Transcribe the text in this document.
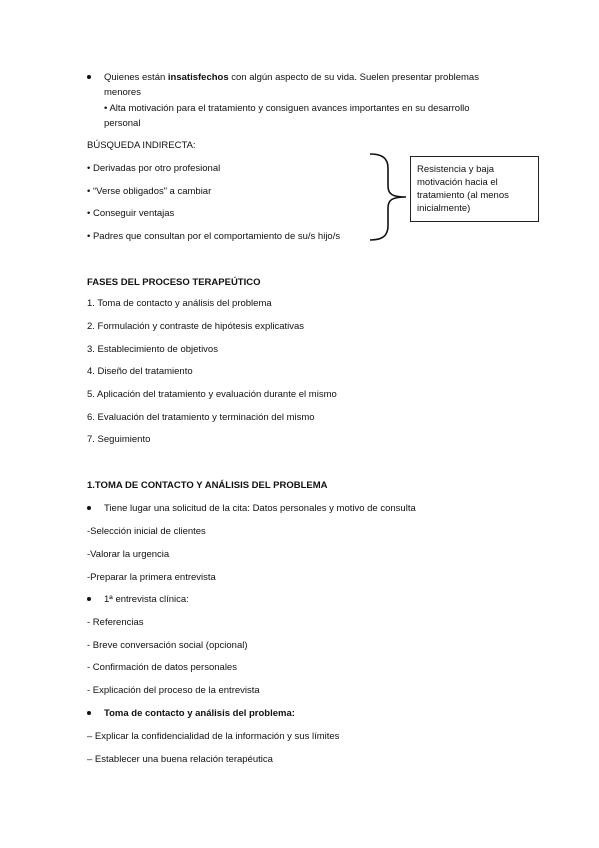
Quienes están insatisfechos con algún aspecto de su vida. Suelen presentar problemas
menores
• Alta motivación para el tratamiento y consiguen avances importantes en su desarrollo
personal
BÚSQUEDA INDIRECTA:
• Derivadas por otro profesional
• “Verse obligados” a cambiar
• Conseguir ventajas
• Padres que consultan por el comportamiento de su/s hijo/s
Resistencia y baja motivación hacia el tratamiento (al menos inicialmente)
FASES DEL PROCESO TERAPEÚTICO
1. Toma de contacto y análisis del problema
2. Formulación y contraste de hipótesis explicativas
3. Establecimiento de objetivos
4. Diseño del tratamiento
5. Aplicación del tratamiento y evaluación durante el mismo
6. Evaluación del tratamiento y terminación del mismo
7. Seguimiento
1.TOMA DE CONTACTO Y ANÁLISIS DEL PROBLEMA
Tiene lugar una solicitud de la cita: Datos personales y motivo de consulta
-Selección inicial de clientes
-Valorar la urgencia
-Preparar la primera entrevista
1ª entrevista clínica:
- Referencias
- Breve conversación social (opcional)
- Confirmación de datos personales
- Explicación del proceso de la entrevista
Toma de contacto y análisis del problema:
– Explicar la confidencialidad de la información y sus límites
– Establecer una buena relación terapéutica
